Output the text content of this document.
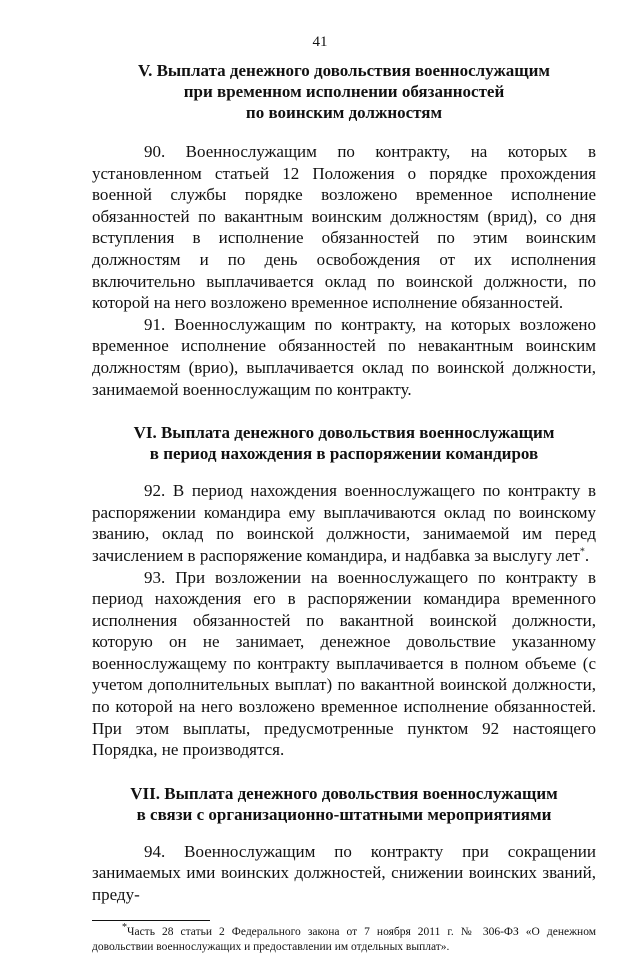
41
V. Выплата денежного довольствия военнослужащим
при временном исполнении обязанностей
по воинским должностям

90. Военнослужащим по контракту, на которых в установленном статьей 12 Положения о порядке прохождения военной службы порядке возложено временное исполнение обязанностей по вакантным воинским должностям (врид), со дня вступления в исполнение обязанностей по этим воинским должностям и по день освобождения от их исполнения включительно выплачивается оклад по воинской должности, по которой на него возложено временное исполнение обязанностей.

91. Военнослужащим по контракту, на которых возложено временное исполнение обязанностей по невакантным воинским должностям (врио), выплачивается оклад по воинской должности, занимаемой военнослужащим по контракту.

VI. Выплата денежного довольствия военнослужащим
в период нахождения в распоряжении командиров

92. В период нахождения военнослужащего по контракту в распоряжении командира ему выплачиваются оклад по воинскому званию, оклад по воинской должности, занимаемой им перед зачислением в распоряжение командира, и надбавка за выслугу лет*.

93. При возложении на военнослужащего по контракту в период нахождения его в распоряжении командира временного исполнения обязанностей по вакантной воинской должности, которую он не занимает, денежное довольствие указанному военнослужащему по контракту выплачивается в полном объеме (с учетом дополнительных выплат) по вакантной воинской должности, по которой на него возложено временное исполнение обязанностей. При этом выплаты, предусмотренные пунктом 92 настоящего Порядка, не производятся.

VII. Выплата денежного довольствия военнослужащим
в связи с организационно-штатными мероприятиями

94. Военнослужащим по контракту при сокращении занимаемых ими воинских должностей, снижении воинских званий, преду-

*Часть 28 статьи 2 Федерального закона от 7 ноября 2011 г. № 306-ФЗ «О денежном довольствии военнослужащих и предоставлении им отдельных выплат».
